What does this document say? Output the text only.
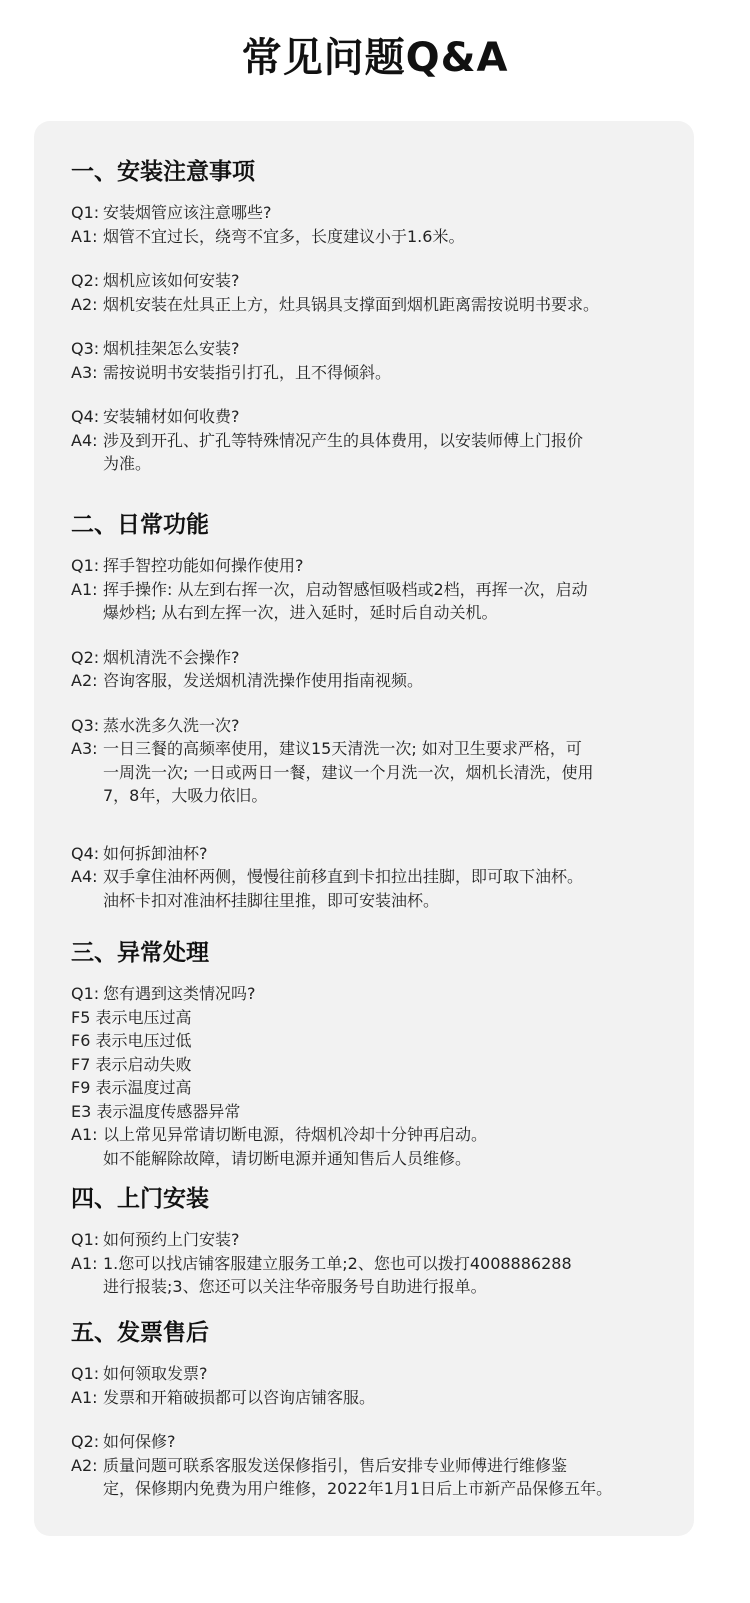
常见问题Q&A
一、安装注意事项
Q1: 安装烟管应该注意哪些?
A1: 烟管不宜过长，绕弯不宜多，长度建议小于1.6米。
Q2: 烟机应该如何安装?
A2: 烟机安装在灶具正上方，灶具锅具支撑面到烟机距离需按说明书要求。
Q3: 烟机挂架怎么安装?
A3: 需按说明书安装指引打孔，且不得倾斜。
Q4: 安装辅材如何收费?
A4: 涉及到开孔、扩孔等特殊情况产生的具体费用，以安装师傅上门报价
为准。
二、日常功能
Q1: 挥手智控功能如何操作使用?
A1: 挥手操作: 从左到右挥一次，启动智感恒吸档或2档，再挥一次，启动
爆炒档; 从右到左挥一次，进入延时，延时后自动关机。
Q2: 烟机清洗不会操作?
A2: 咨询客服，发送烟机清洗操作使用指南视频。
Q3: 蒸水洗多久洗一次?
A3: 一日三餐的高频率使用，建议15天清洗一次; 如对卫生要求严格，可
一周洗一次; 一日或两日一餐，建议一个月洗一次，烟机长清洗，使用
7，8年，大吸力依旧。
Q4: 如何拆卸油杯?
A4: 双手拿住油杯两侧，慢慢往前移直到卡扣拉出挂脚，即可取下油杯。
油杯卡扣对准油杯挂脚往里推，即可安装油杯。
三、异常处理
Q1: 您有遇到这类情况吗?
F5 表示电压过高
F6 表示电压过低
F7 表示启动失败
F9 表示温度过高
E3 表示温度传感器异常
A1: 以上常见异常请切断电源，待烟机冷却十分钟再启动。
如不能解除故障，请切断电源并通知售后人员维修。
四、上门安装
Q1: 如何预约上门安装?
A1: 1.您可以找店铺客服建立服务工单;2、您也可以拨打4008886288
进行报装;3、您还可以关注华帝服务号自助进行报单。
五、发票售后
Q1: 如何领取发票?
A1: 发票和开箱破损都可以咨询店铺客服。
Q2: 如何保修?
A2: 质量问题可联系客服发送保修指引，售后安排专业师傅进行维修鉴
定，保修期内免费为用户维修，2022年1月1日后上市新产品保修五年。
